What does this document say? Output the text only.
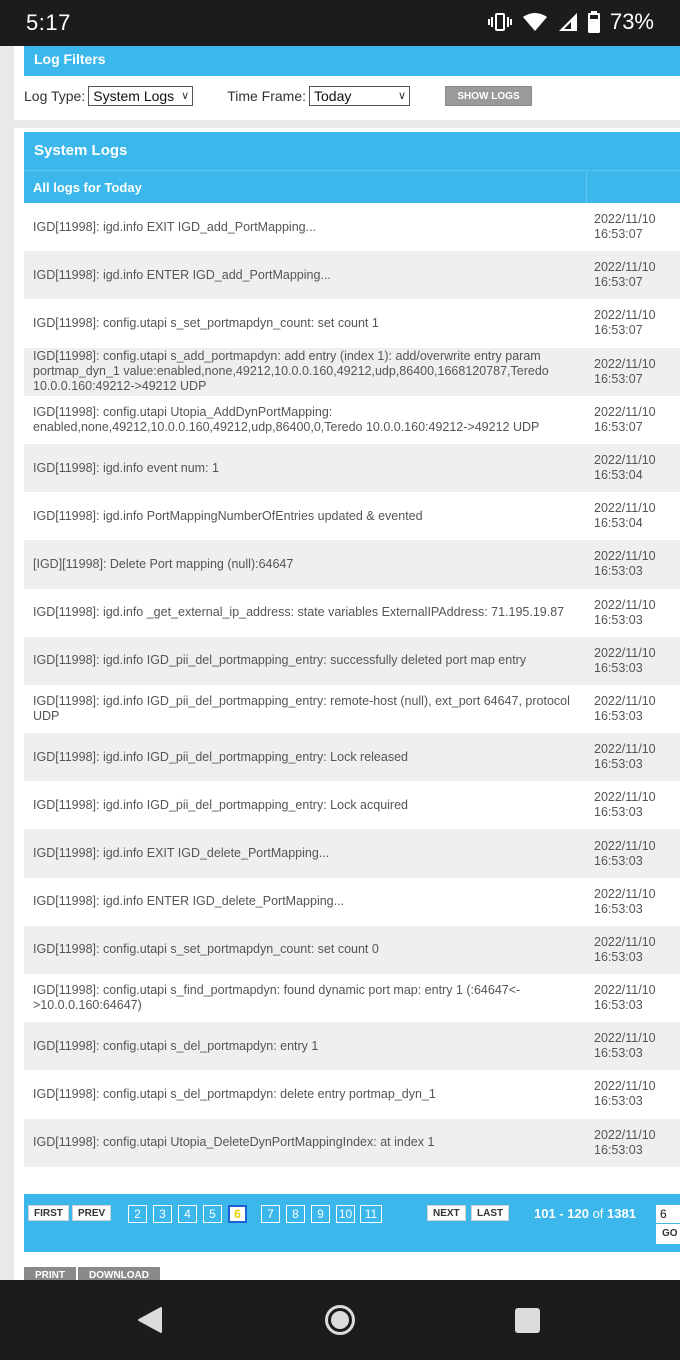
5:17	73%
Log Filters
Log Type: System Logs ∨	Time Frame: Today	∨	SHOW LOGS
System Logs
All logs for Today
IGD[11998]: igd.info EXIT IGD_add_PortMapping...
2022/11/10
16:53:07
IGD[11998]: igd.info ENTER IGD_add_PortMapping...
2022/11/10
16:53:07
IGD[11998]: config.utapi s_set_portmapdyn_count: set count 1
2022/11/10
16:53:07
IGD[11998]: config.utapi s_add_portmapdyn: add entry (index 1): add/overwrite entry param portmap_dyn_1 value:enabled,none,49212,10.0.0.160,49212,udp,86400,1668120787,Teredo 10.0.0.160:49212->49212 UDP
2022/11/10
16:53:07
IGD[11998]: config.utapi Utopia_AddDynPortMapping: enabled,none,49212,10.0.0.160,49212,udp,86400,0,Teredo 10.0.0.160:49212->49212 UDP
2022/11/10
16:53:07
IGD[11998]: igd.info event num: 1
2022/11/10
16:53:04
IGD[11998]: igd.info PortMappingNumberOfEntries updated & evented
2022/11/10
16:53:04
[IGD][11998]: Delete Port mapping (null):64647
2022/11/10
16:53:03
IGD[11998]: igd.info _get_external_ip_address: state variables ExternalIPAddress: 71.195.19.87
2022/11/10
16:53:03
IGD[11998]: igd.info IGD_pii_del_portmapping_entry: successfully deleted port map entry
2022/11/10
16:53:03
IGD[11998]: igd.info IGD_pii_del_portmapping_entry: remote-host (null), ext_port 64647, protocol UDP
2022/11/10
16:53:03
IGD[11998]: igd.info IGD_pii_del_portmapping_entry: Lock released
2022/11/10
16:53:03
IGD[11998]: igd.info IGD_pii_del_portmapping_entry: Lock acquired
2022/11/10
16:53:03
IGD[11998]: igd.info EXIT IGD_delete_PortMapping...
2022/11/10
16:53:03
IGD[11998]: igd.info ENTER IGD_delete_PortMapping...
2022/11/10
16:53:03
IGD[11998]: config.utapi s_set_portmapdyn_count: set count 0
2022/11/10
16:53:03
IGD[11998]: config.utapi s_find_portmapdyn: found dynamic port map: entry 1 (:64647<->10.0.0.160:64647)
2022/11/10
16:53:03
IGD[11998]: config.utapi s_del_portmapdyn: entry 1
2022/11/10
16:53:03
IGD[11998]: config.utapi s_del_portmapdyn: delete entry portmap_dyn_1
2022/11/10
16:53:03
IGD[11998]: config.utapi Utopia_DeleteDynPortMappingIndex: at index 1
2022/11/10
16:53:03
FIRST	PREV	2	3	4	5	6	7	8	9	10	11	NEXT	LAST	101 - 120 of 1381	6
GO
PRINT	DOWNLOAD
